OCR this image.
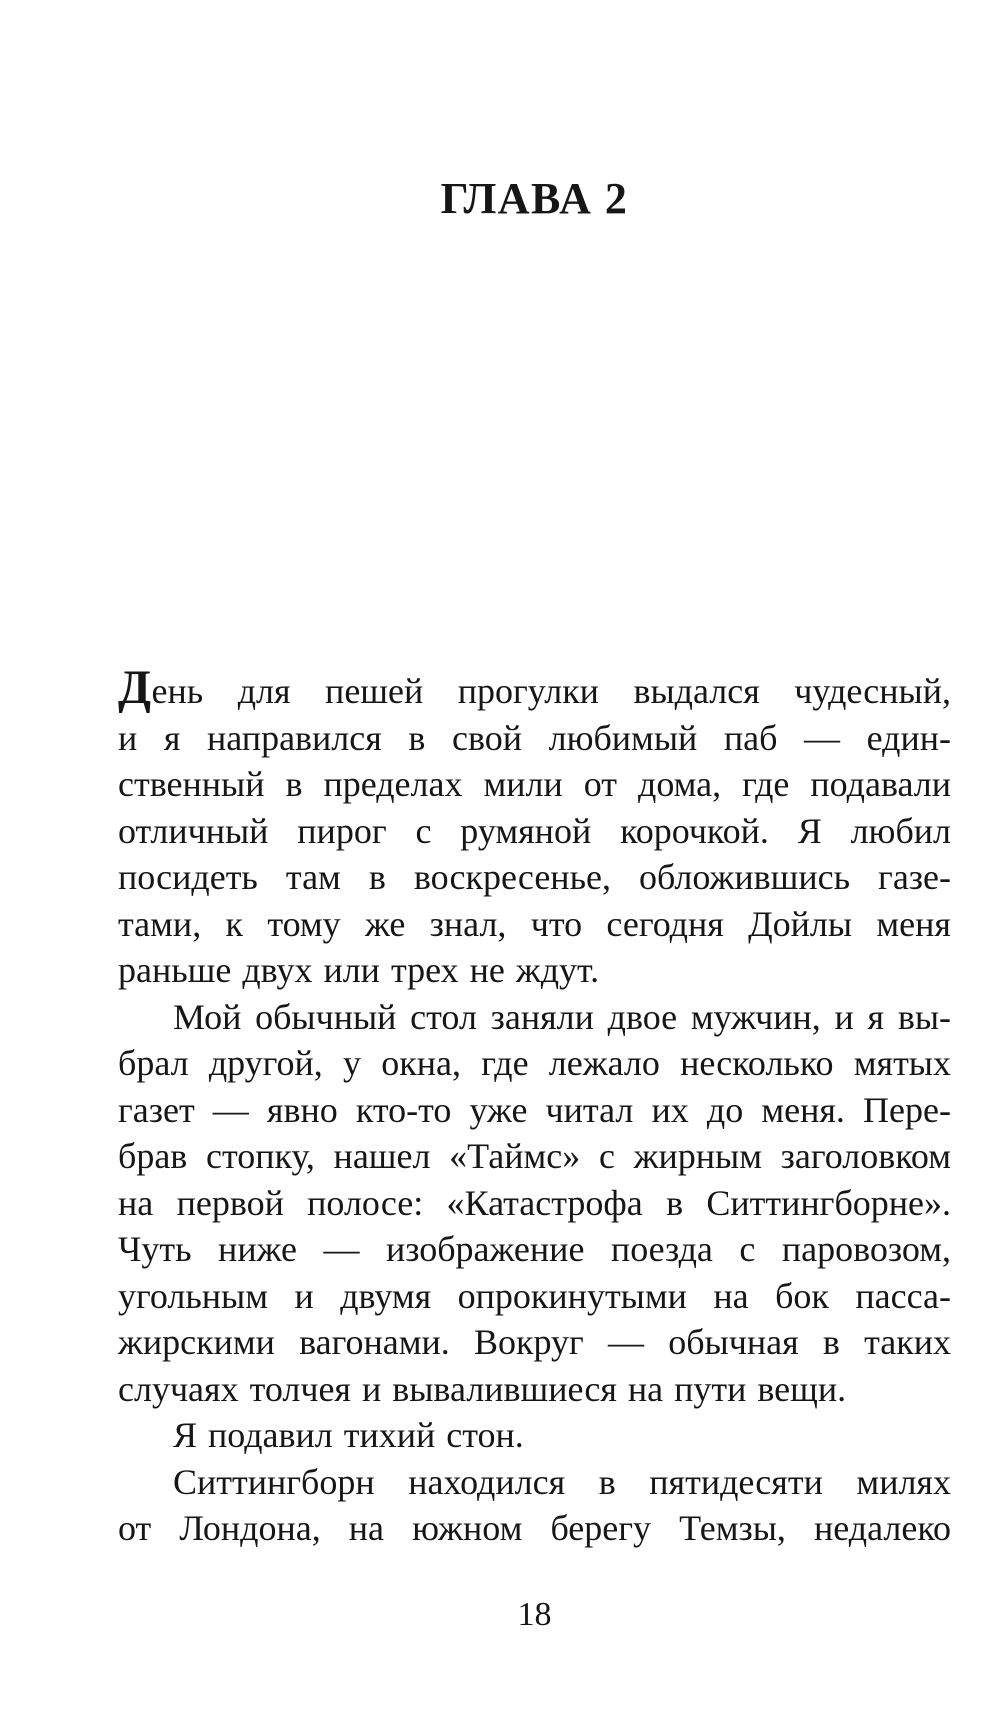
ГЛАВА 2
День для пешей прогулки выдался чудесный,
и я направился в свой любимый паб — един-
ственный в пределах мили от дома, где подавали
отличный пирог с румяной корочкой. Я любил
посидеть там в воскресенье, обложившись газе-
тами, к тому же знал, что сегодня Дойлы меня
раньше двух или трех не ждут.
Мой обычный стол заняли двое мужчин, и я вы-
брал другой, у окна, где лежало несколько мятых
газет — явно кто-то уже читал их до меня. Пере-
брав стопку, нашел «Таймс» с жирным заголовком
на первой полосе: «Катастрофа в Ситтингборне».
Чуть ниже — изображение поезда с паровозом,
угольным и двумя опрокинутыми на бок пасса-
жирскими вагонами. Вокруг — обычная в таких
случаях толчея и вывалившиеся на пути вещи.
Я подавил тихий стон.
Ситтингборн находился в пятидесяти милях
от Лондона, на южном берегу Темзы, недалеко
18
